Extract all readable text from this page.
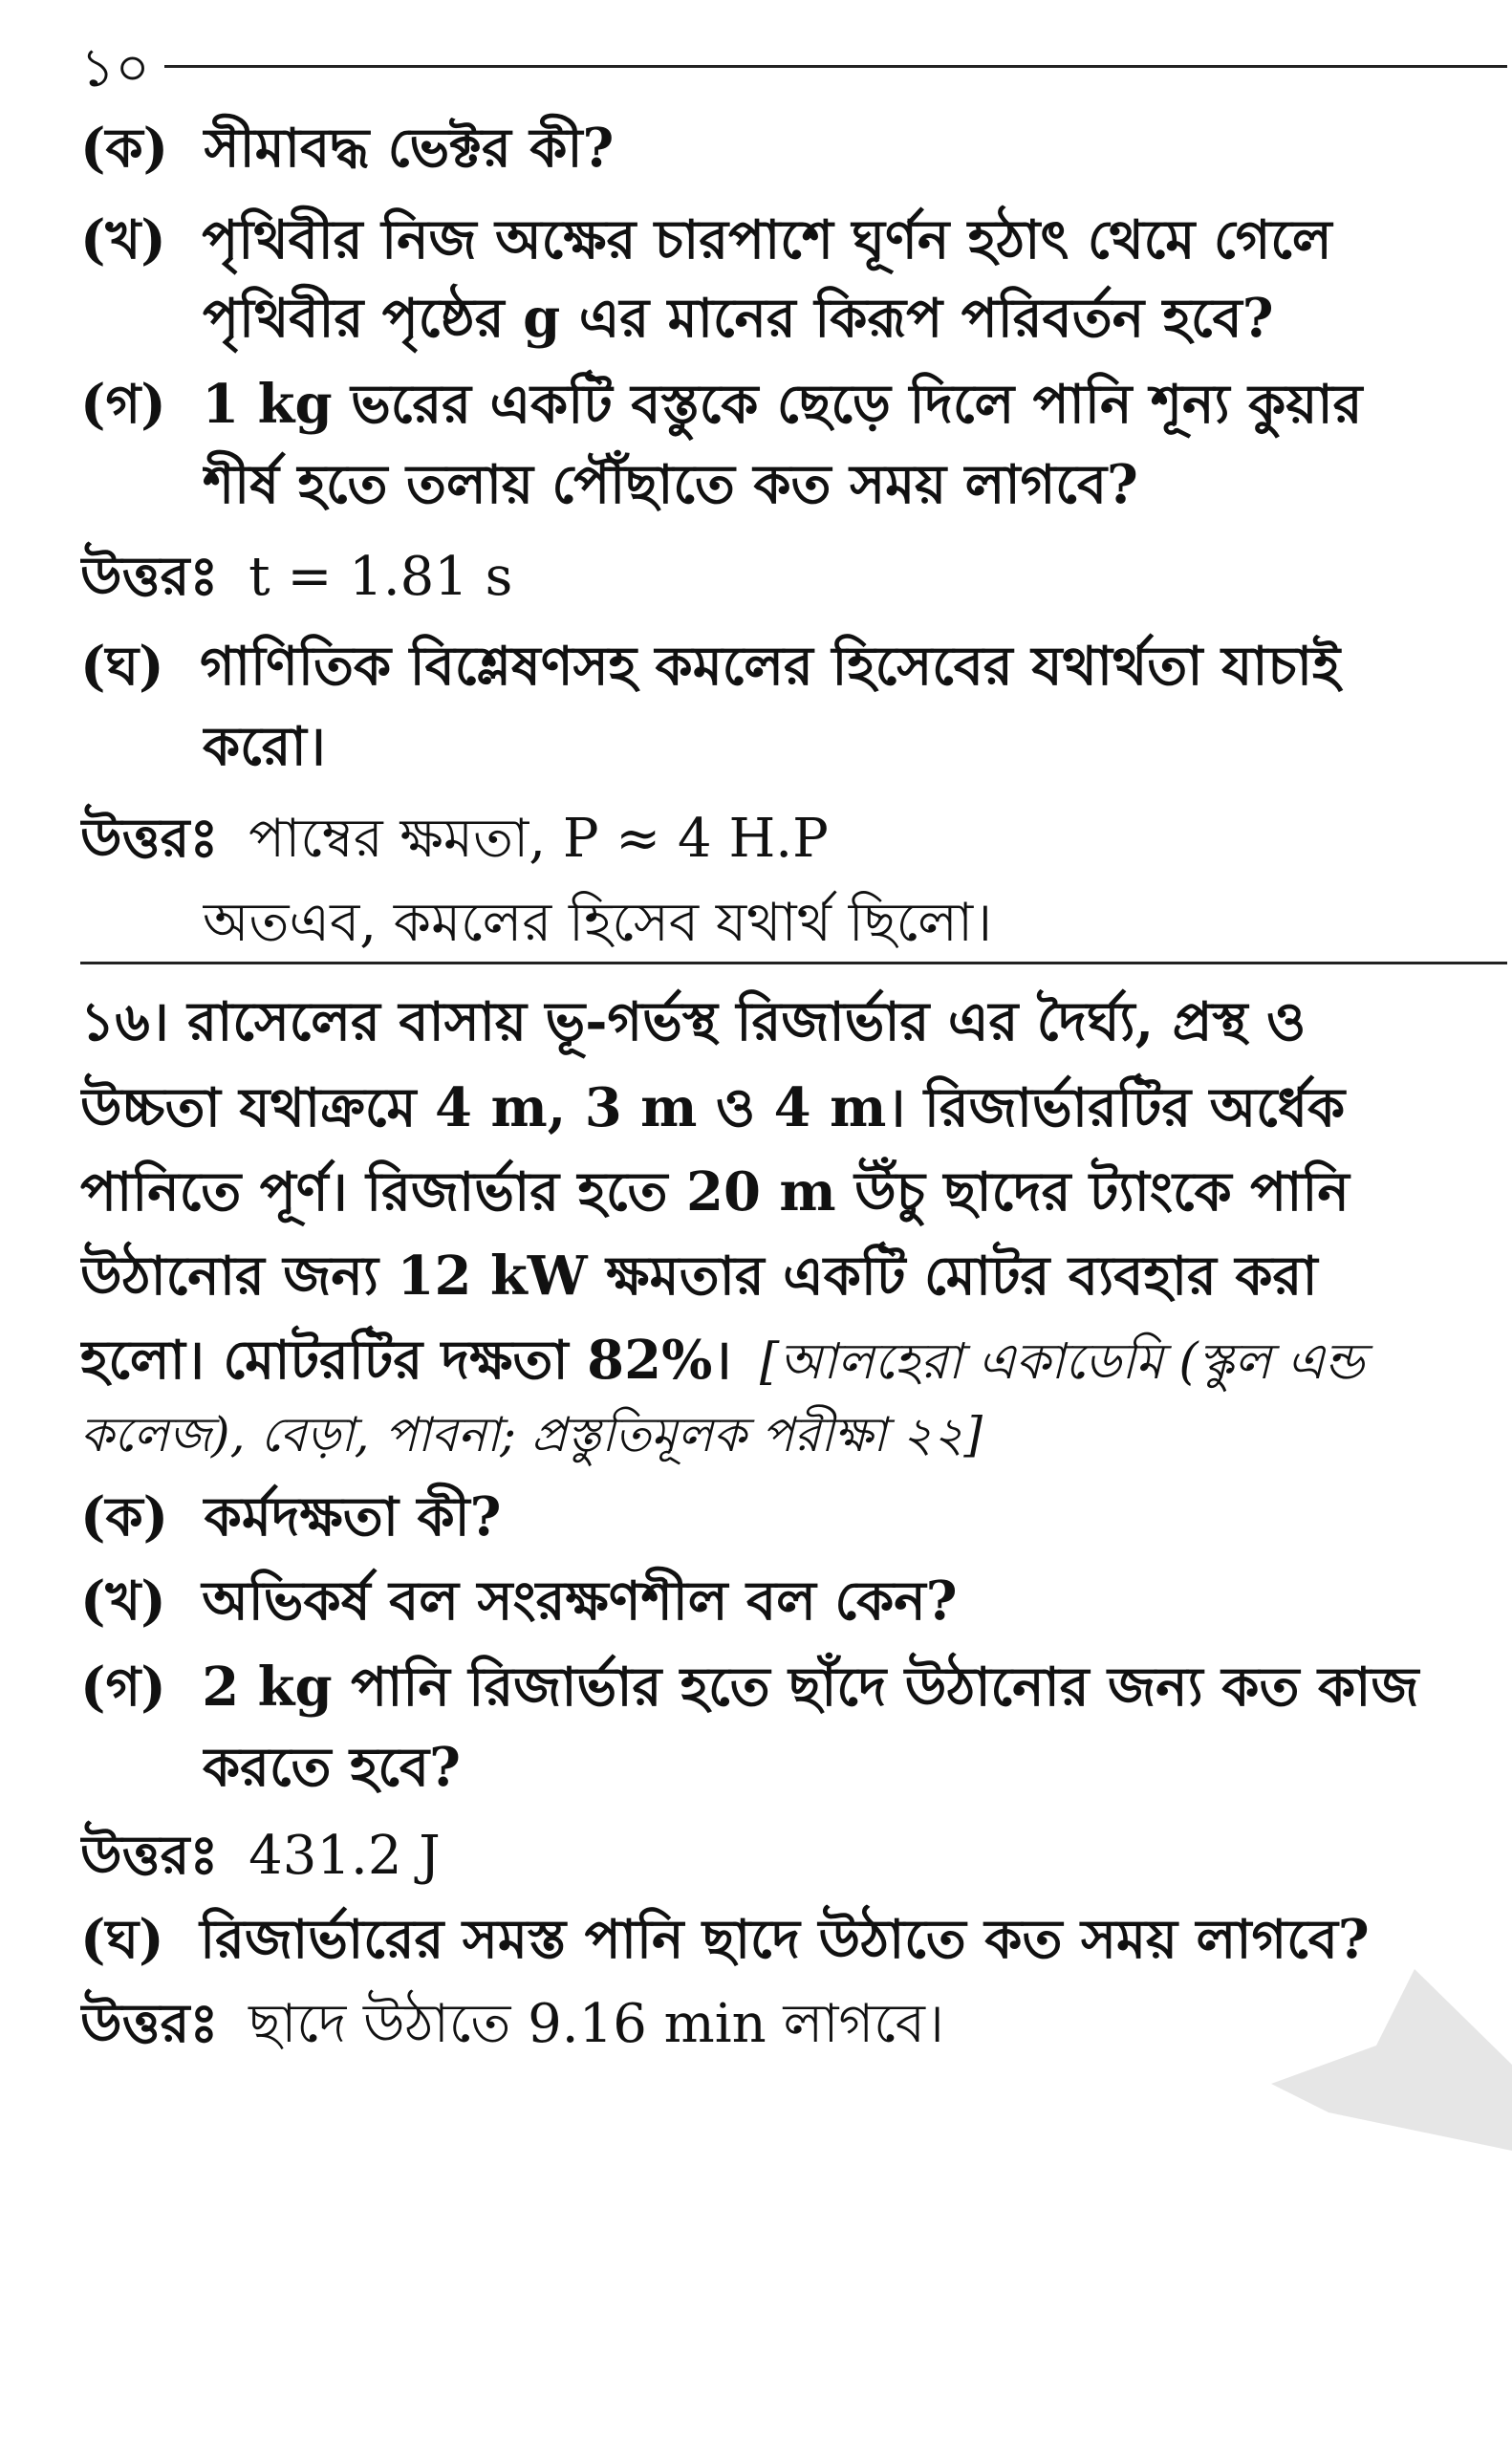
১০
(ক) সীমাবদ্ধ ভেক্টর কী?
(খ) পৃথিবীর নিজ অক্ষের চারপাশে ঘূর্ণন হঠাৎ থেমে গেলে
পৃথিবীর পৃষ্ঠের g এর মানের কিরূপ পরিবর্তন হবে?
(গ) 1 kg ভরের একটি বস্তুকে ছেড়ে দিলে পানি শূন্য কুয়ার
শীর্ষ হতে তলায় পৌঁছাতে কত সময় লাগবে?
উত্তরঃ t = 1.81 s
(ঘ) গাণিতিক বিশ্লেষণসহ কমলের হিসেবের যথার্থতা যাচাই
করো।
উত্তরঃ পাম্বের ক্ষমতা, P ≈ 4 H.P
অতএব, কমলের হিসেব যথার্থ ছিলো।
১৬। রাসেলের বাসায় ভূ-গর্ভস্থ রিজার্ভার এর দৈর্ঘ্য, প্রস্থ ও
উচ্চতা যথাক্রমে 4 m, 3 m ও 4 m। রিজার্ভারটির অর্ধেক
পানিতে পূর্ণ। রিজার্ভার হতে 20 m উঁচু ছাদের ট্যাংকে পানি
উঠানোর জন্য 12 kW ক্ষমতার একটি মোটর ব্যবহার করা
হলো। মোটরটির দক্ষতা 82%। [আলহেরা একাডেমি (স্কুল এন্ড
কলেজ), বেড়া, পাবনা; প্রস্তুতিমূলক পরীক্ষা ২২]
(ক) কর্মদক্ষতা কী?
(খ) অভিকর্ষ বল সংরক্ষণশীল বল কেন?
(গ) 2 kg পানি রিজার্ভার হতে ছাঁদে উঠানোর জন্য কত কাজ
করতে হবে?
উত্তরঃ 431.2 J
(ঘ) রিজার্ভারের সমস্ত পানি ছাদে উঠাতে কত সময় লাগবে?
উত্তরঃ ছাদে উঠাতে 9.16 min লাগবে।
